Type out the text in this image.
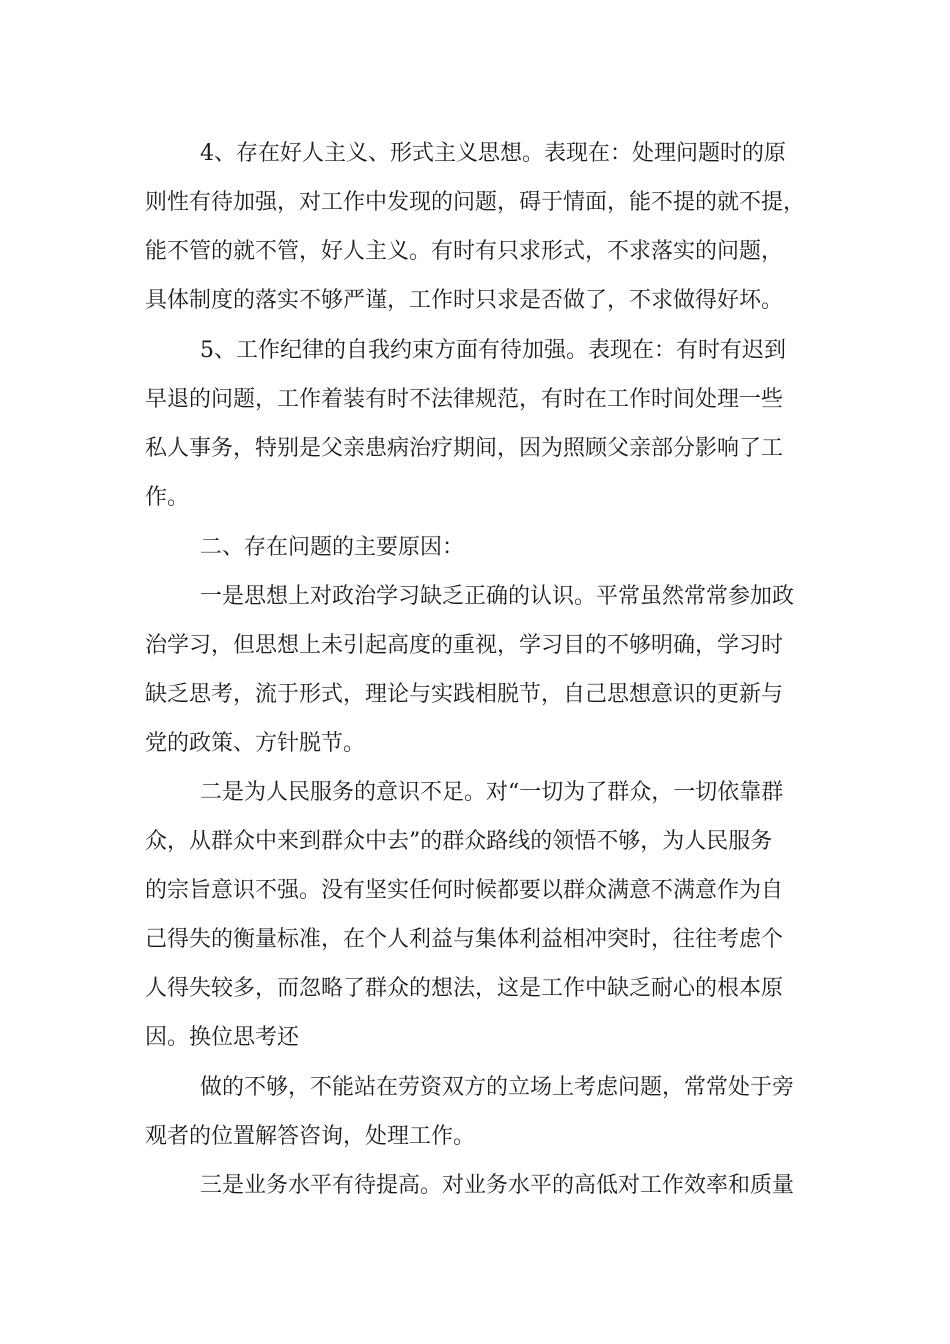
4、存在好人主义、形式主义思想。表现在：处理问题时的原

则性有待加强，对工作中发现的问题，碍于情面，能不提的就不提，

能不管的就不管，好人主义。有时有只求形式，不求落实的问题，

具体制度的落实不够严谨，工作时只求是否做了，不求做得好坏。

5、工作纪律的自我约束方面有待加强。表现在：有时有迟到

早退的问题，工作着装有时不法律规范，有时在工作时间处理一些

私人事务，特别是父亲患病治疗期间，因为照顾父亲部分影响了工

作。

二、存在问题的主要原因：

一是思想上对政治学习缺乏正确的认识。平常虽然常常参加政

治学习，但思想上未引起高度的重视，学习目的不够明确，学习时

缺乏思考，流于形式，理论与实践相脱节，自己思想意识的更新与

党的政策、方针脱节。

二是为人民服务的意识不足。对“一切为了群众，一切依靠群

众，从群众中来到群众中去”的群众路线的领悟不够，为人民服务

的宗旨意识不强。没有坚实任何时候都要以群众满意不满意作为自

己得失的衡量标准，在个人利益与集体利益相冲突时，往往考虑个

人得失较多，而忽略了群众的想法，这是工作中缺乏耐心的根本原

因。换位思考还

做的不够，不能站在劳资双方的立场上考虑问题，常常处于旁

观者的位置解答咨询，处理工作。

三是业务水平有待提高。对业务水平的高低对工作效率和质量
